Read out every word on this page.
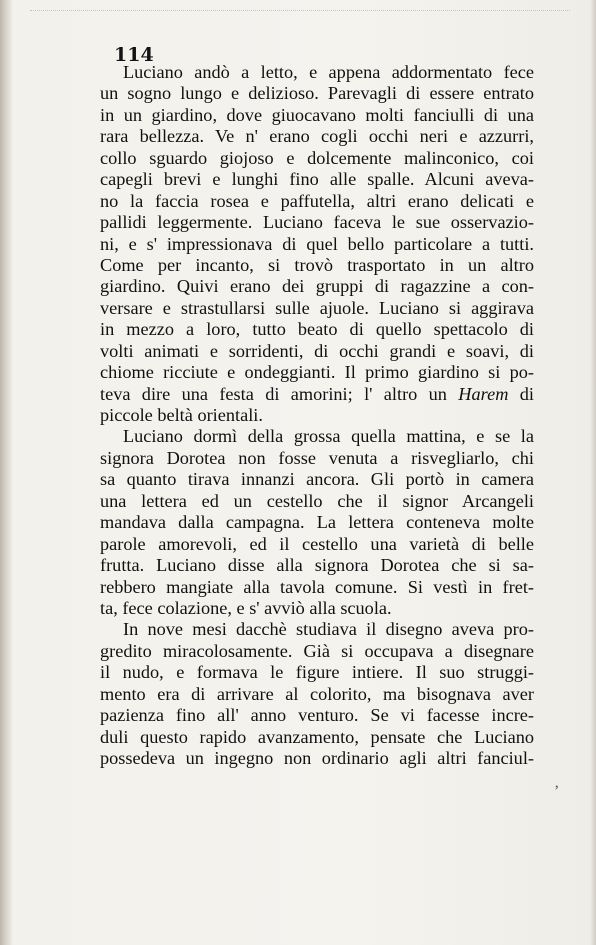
114
Luciano andò a letto, e appena addormentato fece
un sogno lungo e delizioso. Parevagli di essere entrato
in un giardino, dove giuocavano molti fanciulli di una
rara bellezza. Ve n' erano cogli occhi neri e azzurri,
collo sguardo giojoso e dolcemente malinconico, coi
capegli brevi e lunghi fino alle spalle. Alcuni aveva-
no la faccia rosea e paffutella, altri erano delicati e
pallidi leggermente. Luciano faceva le sue osservazio-
ni, e s' impressionava di quel bello particolare a tutti.
Come per incanto, si trovò trasportato in un altro
giardino. Quivi erano dei gruppi di ragazzine a con-
versare e strastullarsi sulle ajuole. Luciano si aggirava
in mezzo a loro, tutto beato di quello spettacolo di
volti animati e sorridenti, di occhi grandi e soavi, di
chiome ricciute e ondeggianti. Il primo giardino si po-
teva dire una festa di amorini; l' altro un Harem di
piccole beltà orientali.
Luciano dormì della grossa quella mattina, e se la
signora Dorotea non fosse venuta a risvegliarlo, chi
sa quanto tirava innanzi ancora. Gli portò in camera
una lettera ed un cestello che il signor Arcangeli
mandava dalla campagna. La lettera conteneva molte
parole amorevoli, ed il cestello una varietà di belle
frutta. Luciano disse alla signora Dorotea che si sa-
rebbero mangiate alla tavola comune. Si vestì in fret-
ta, fece colazione, e s' avviò alla scuola.
In nove mesi dacchè studiava il disegno aveva pro-
gredito miracolosamente. Già si occupava a disegnare
il nudo, e formava le figure intiere. Il suo struggi-
mento era di arrivare al colorito, ma bisognava aver
pazienza fino all' anno venturo. Se vi facesse incre-
duli questo rapido avanzamento, pensate che Luciano
possedeva un ingegno non ordinario agli altri fanciul-
ʼ
